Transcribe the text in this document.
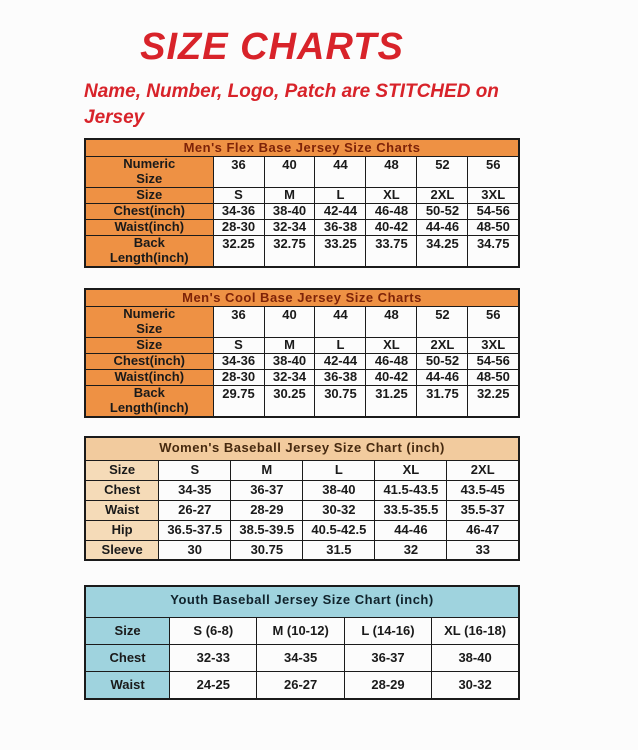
SIZE CHARTS

Name, Number, Logo, Patch are STITCHED on Jersey

Men's Flex Base Jersey Size Charts						
Numeric
Size	36	40	44	48	52	56
Size	S	M	L	XL	2XL	3XL
Chest(inch)	34-36	38-40	42-44	46-48	50-52	54-56
Waist(inch)	28-30	32-34	36-38	40-42	44-46	48-50
Back
Length(inch)	32.25	32.75	33.25	33.75	34.25	34.75
Men's Cool Base Jersey Size Charts						
Numeric
Size	36	40	44	48	52	56
Size	S	M	L	XL	2XL	3XL
Chest(inch)	34-36	38-40	42-44	46-48	50-52	54-56
Waist(inch)	28-30	32-34	36-38	40-42	44-46	48-50
Back
Length(inch)	29.75	30.25	30.75	31.25	31.75	32.25
Women's Baseball Jersey Size Chart (inch)					
Size	S	M	L	XL	2XL
Chest	34-35	36-37	38-40	41.5-43.5	43.5-45
Waist	26-27	28-29	30-32	33.5-35.5	35.5-37
Hip	36.5-37.5	38.5-39.5	40.5-42.5	44-46	46-47
Sleeve	30	30.75	31.5	32	33
Youth Baseball Jersey Size Chart (inch)				
Size	S (6-8)	M (10-12)	L (14-16)	XL (16-18)
Chest	32-33	34-35	36-37	38-40
Waist	24-25	26-27	28-29	30-32
